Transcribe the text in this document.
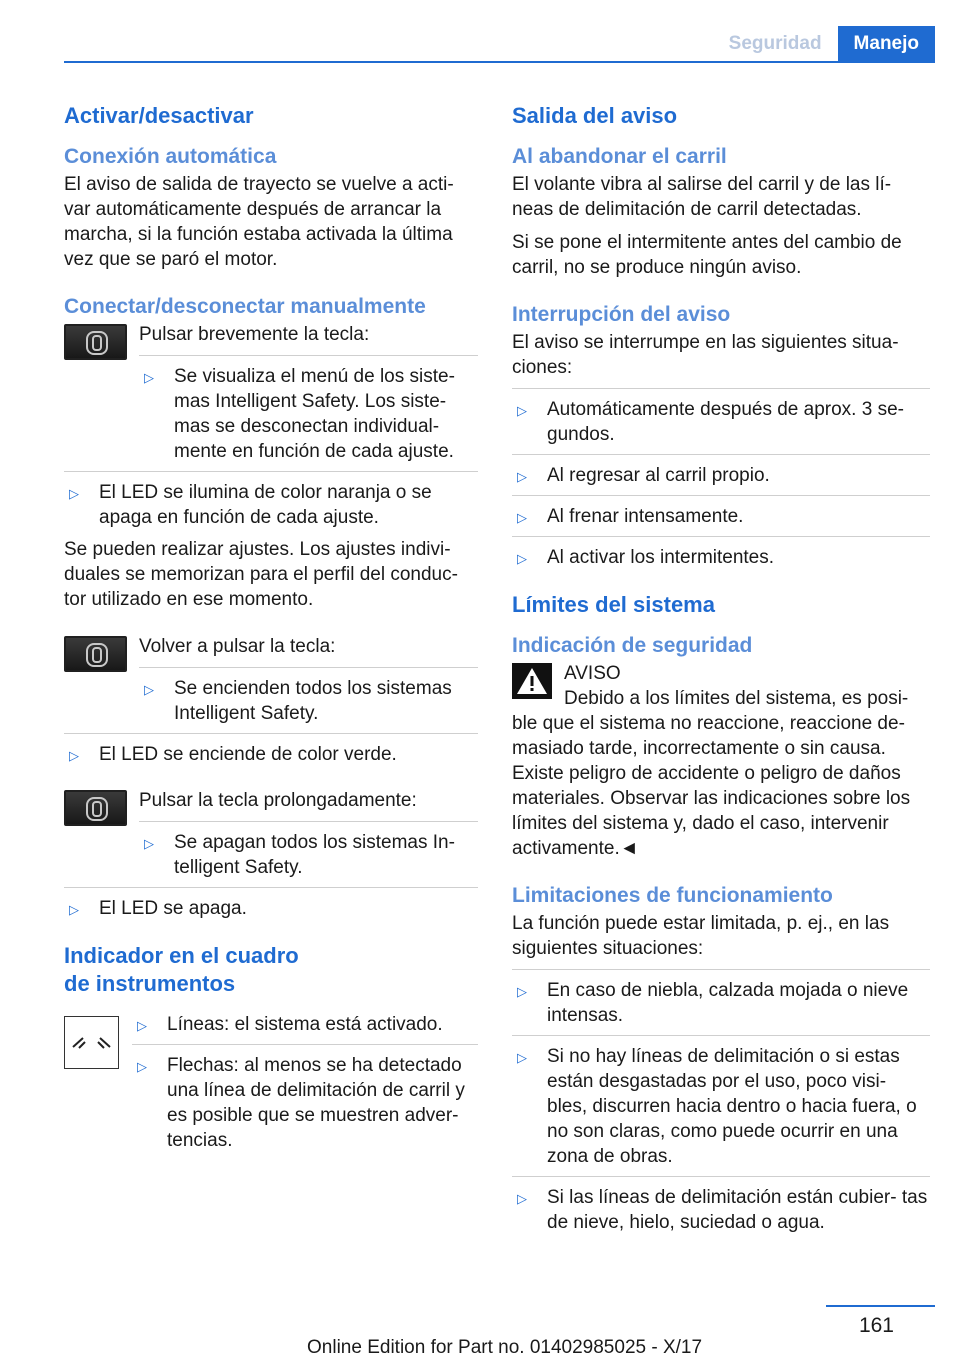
Seguridad	Manejo
Activar/desactivar
Conexión automática
El aviso de salida de trayecto se vuelve a acti‐ var automáticamente después de arrancar la marcha, si la función estaba activada la última vez que se paró el motor.
Conectar/desconectar manualmente
Pulsar brevemente la tecla:
▷ Se visualiza el menú de los siste‐ mas Intelligent Safety. Los siste‐ mas se desconectan individual‐ mente en función de cada ajuste.
▷ El LED se ilumina de color naranja o se apaga en función de cada ajuste.
Se pueden realizar ajustes. Los ajustes indivi‐ duales se memorizan para el perfil del conduc‐ tor utilizado en ese momento.
Volver a pulsar la tecla:
▷ Se encienden todos los sistemas Intelligent Safety.
▷ El LED se enciende de color verde.
Pulsar la tecla prolongadamente:
▷ Se apagan todos los sistemas In‐ telligent Safety.
▷ El LED se apaga.
Indicador en el cuadro de instrumentos
▷ Líneas: el sistema está activado.
▷ Flechas: al menos se ha detectado una línea de delimitación de carril y es posible que se muestren adver‐ tencias.
Salida del aviso
Al abandonar el carril
El volante vibra al salirse del carril y de las lí‐ neas de delimitación de carril detectadas.
Si se pone el intermitente antes del cambio de carril, no se produce ningún aviso.
Interrupción del aviso
El aviso se interrumpe en las siguientes situa‐ ciones:
▷ Automáticamente después de aprox. 3 se‐ gundos.
▷ Al regresar al carril propio.
▷ Al frenar intensamente.
▷ Al activar los intermitentes.
Límites del sistema
Indicación de seguridad
AVISO
Debido a los límites del sistema, es posi‐
ble que el sistema no reaccione, reaccione de‐ masiado tarde, incorrectamente o sin causa. Existe peligro de accidente o peligro de daños materiales. Observar las indicaciones sobre los límites del sistema y, dado el caso, intervenir activamente.◄
Limitaciones de funcionamiento
La función puede estar limitada, p. ej., en las siguientes situaciones:
▷ En caso de niebla, calzada mojada o nieve intensas.
▷ Si no hay líneas de delimitación o si estas están desgastadas por el uso, poco visi‐ bles, discurren hacia dentro o hacia fuera, o no son claras, como puede ocurrir en una zona de obras.
▷ Si las líneas de delimitación están cubier‐ tas de nieve, hielo, suciedad o agua.
161
Online Edition for Part no. 01402985025 - X/17
